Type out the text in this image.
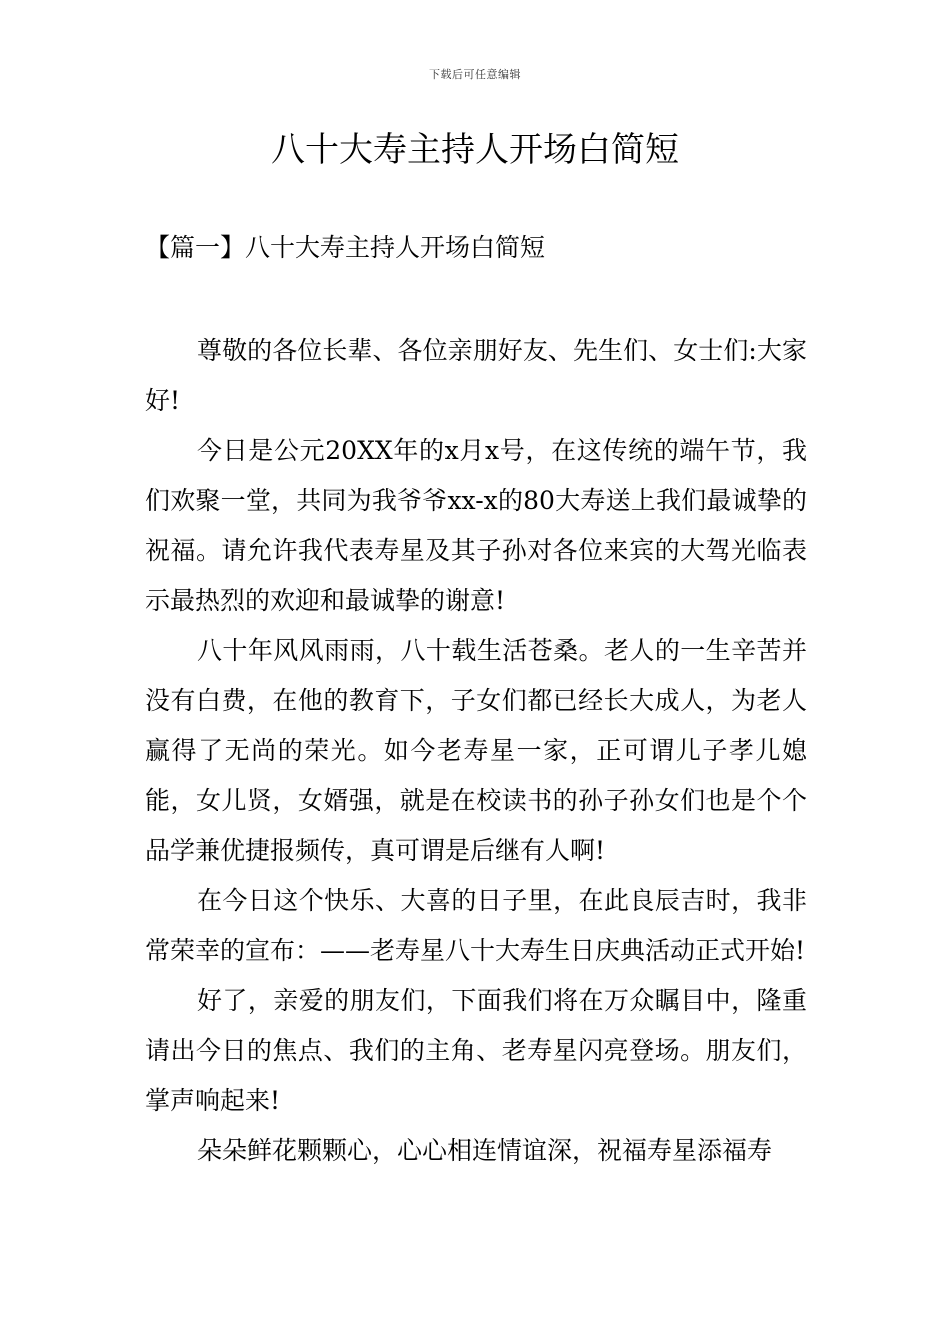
下载后可任意编辑
八十大寿主持人开场白简短
【篇一】八十大寿主持人开场白简短

尊敬的各位长辈、各位亲朋好友、先生们、女士们:大家好!

今日是公元20XX年的x月x号，在这传统的端午节，我们欢聚一堂，共同为我爷爷xx-x的80大寿送上我们最诚挚的祝福。请允许我代表寿星及其子孙对各位来宾的大驾光临表示最热烈的欢迎和最诚挚的谢意!

八十年风风雨雨，八十载生活苍桑。老人的一生辛苦并没有白费，在他的教育下，子女们都已经长大成人，为老人赢得了无尚的荣光。如今老寿星一家，正可谓儿子孝儿媳能，女儿贤，女婿强，就是在校读书的孙子孙女们也是个个品学兼优捷报频传，真可谓是后继有人啊!

在今日这个快乐、大喜的日子里，在此良辰吉时，我非常荣幸的宣布：——老寿星八十大寿生日庆典活动正式开始!

好了，亲爱的朋友们，下面我们将在万众瞩目中，隆重请出今日的焦点、我们的主角、老寿星闪亮登场。朋友们，掌声响起来!

朵朵鲜花颗颗心，心心相连情谊深，祝福寿星添福寿
